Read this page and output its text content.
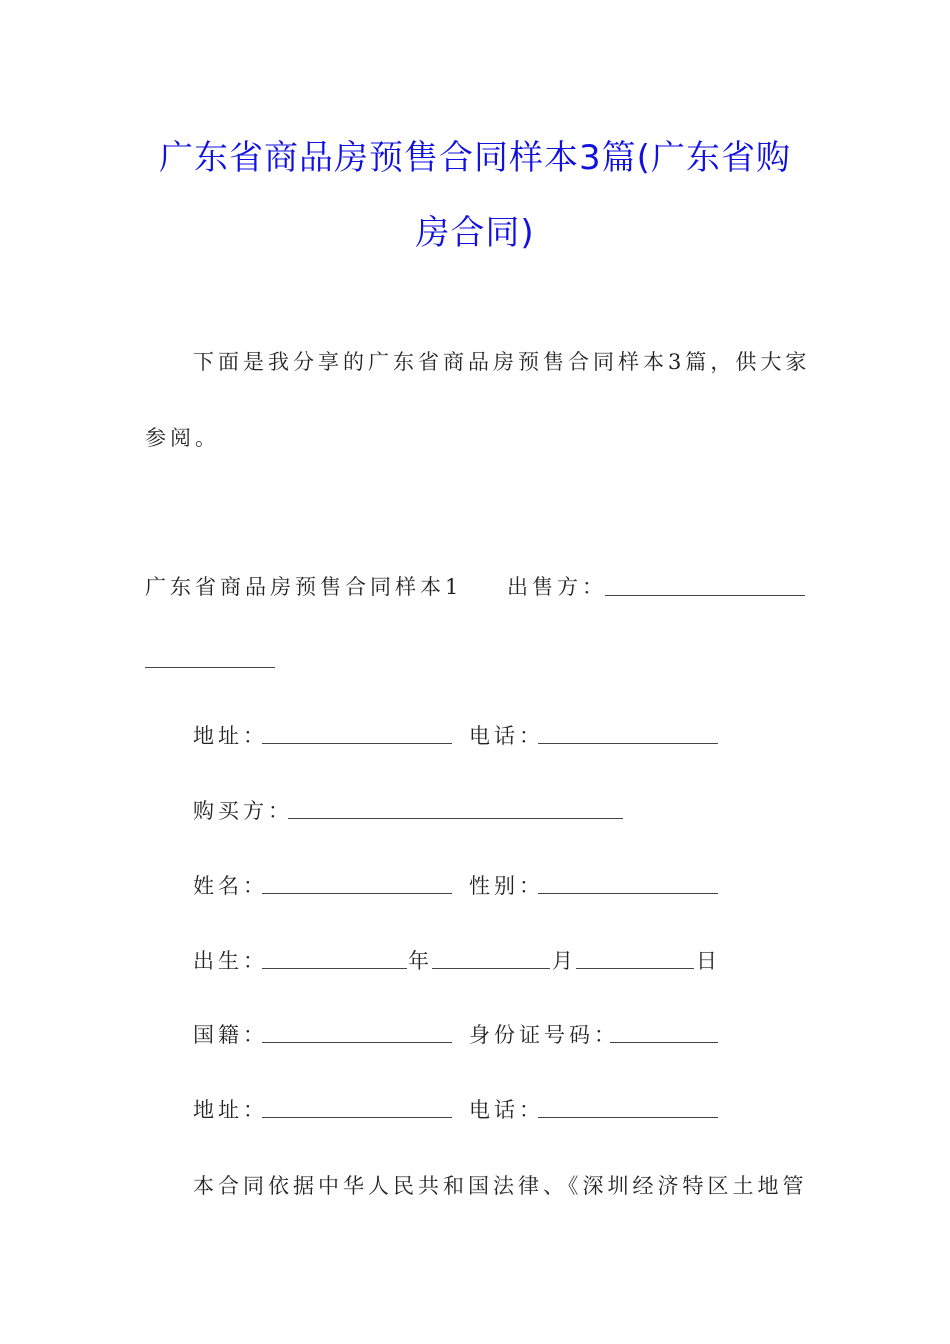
广东省商品房预售合同样本3篇(广东省购
房合同)
下面是我分享的广东省商品房预售合同样本3篇，供大家
参阅。
广东省商品房预售合同样本1 出售方：
地址：	电话：
购买方：
姓名：	性别：
出生：	年	月	日
国籍：	身份证号码：
地址：	电话：
本合同依据中华人民共和国法律、《深圳经济特区土地管
